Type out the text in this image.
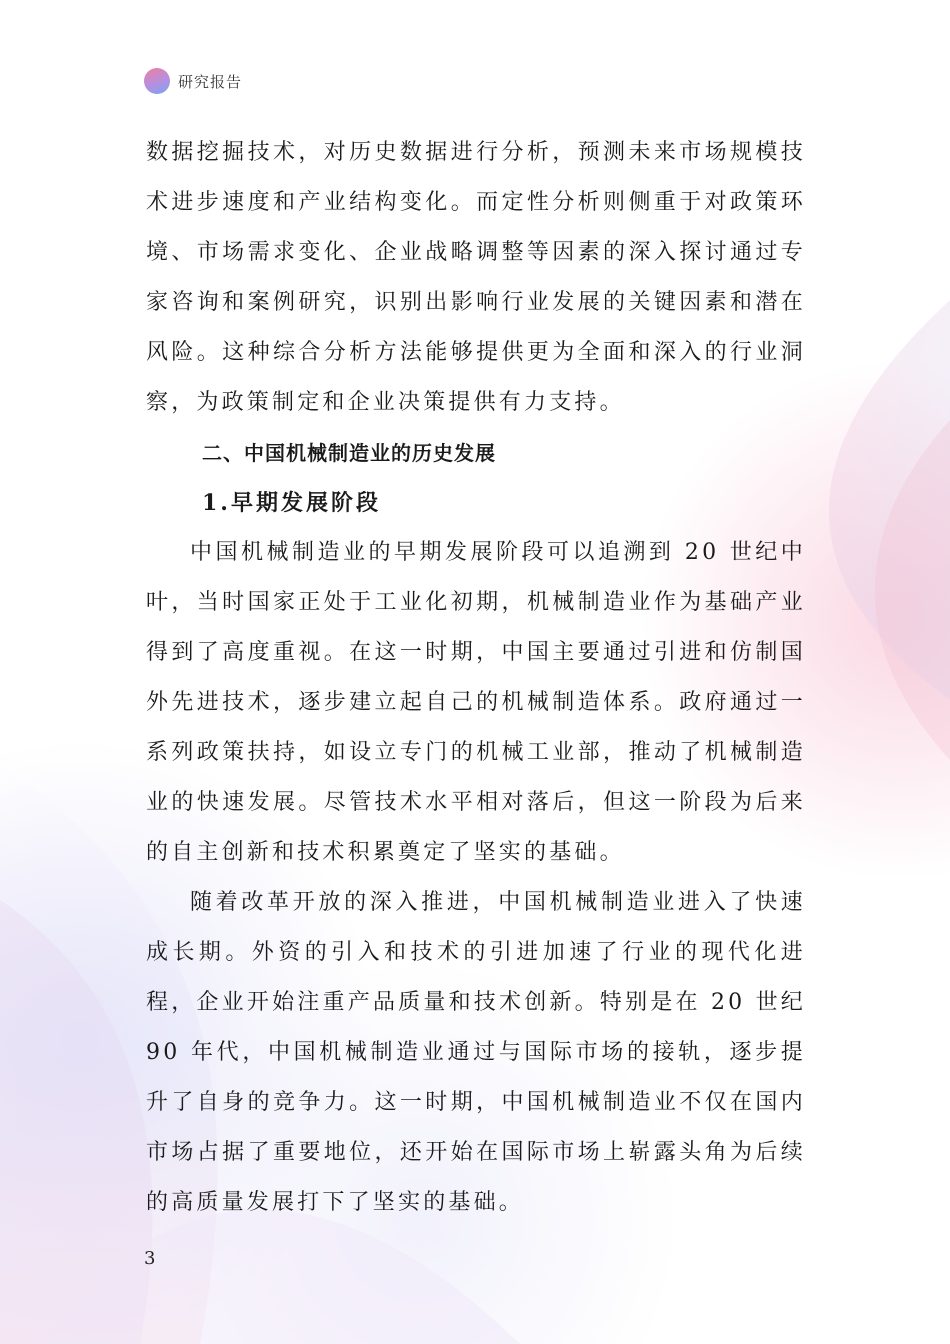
研究报告

数据挖掘技术，对历史数据进行分析，预测未来市场规模技术进步速度和产业结构变化。而定性分析则侧重于对政策环境、市场需求变化、企业战略调整等因素的深入探讨通过专家咨询和案例研究，识别出影响行业发展的关键因素和潜在风险。这种综合分析方法能够提供更为全面和深入的行业洞察，为政策制定和企业决策提供有力支持。

二、中国机械制造业的历史发展
1.早期发展阶段

中国机械制造业的早期发展阶段可以追溯到 20 世纪中叶，当时国家正处于工业化初期，机械制造业作为基础产业得到了高度重视。在这一时期，中国主要通过引进和仿制国外先进技术，逐步建立起自己的机械制造体系。政府通过一系列政策扶持，如设立专门的机械工业部，推动了机械制造业的快速发展。尽管技术水平相对落后，但这一阶段为后来的自主创新和技术积累奠定了坚实的基础。

随着改革开放的深入推进，中国机械制造业进入了快速成长期。外资的引入和技术的引进加速了行业的现代化进程，企业开始注重产品质量和技术创新。特别是在 20 世纪 90 年代，中国机械制造业通过与国际市场的接轨，逐步提升了自身的竞争力。这一时期，中国机械制造业不仅在国内市场占据了重要地位，还开始在国际市场上崭露头角为后续的高质量发展打下了坚实的基础。

3
